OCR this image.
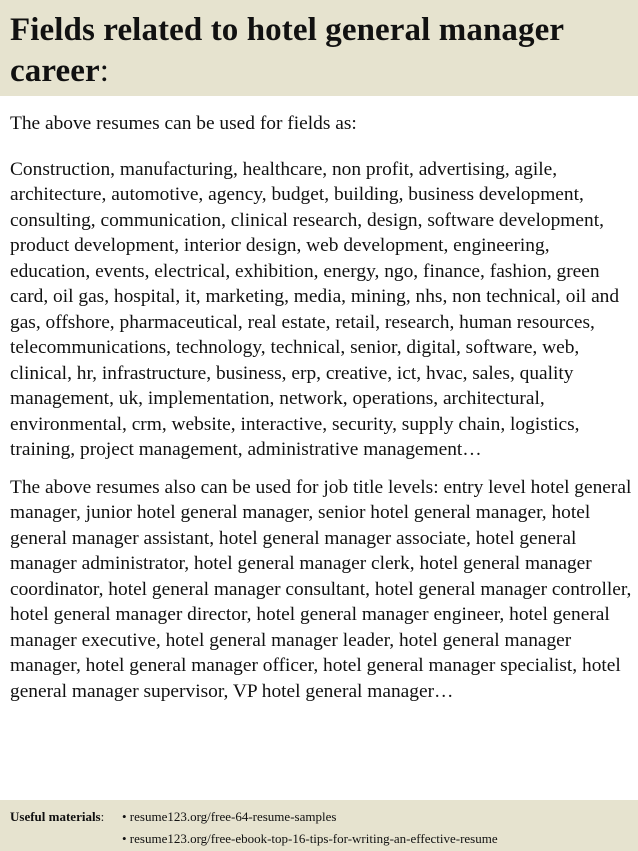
Fields related to hotel general manager career:

The above resumes can be used for fields as:

Construction, manufacturing, healthcare, non profit, advertising, agile, architecture, automotive, agency, budget, building, business development, consulting, communication, clinical research, design, software development, product development, interior design, web development, engineering, education, events, electrical, exhibition, energy, ngo, finance, fashion, green card, oil gas, hospital, it, marketing, media, mining, nhs, non technical, oil and gas, offshore, pharmaceutical, real estate, retail, research, human resources, telecommunications, technology, technical, senior, digital, software, web, clinical, hr, infrastructure, business, erp, creative, ict, hvac, sales, quality management, uk, implementation, network, operations, architectural, environmental, crm, website, interactive, security, supply chain, logistics, training, project management, administrative management…

The above resumes also can be used for job title levels: entry level hotel general manager, junior hotel general manager, senior hotel general manager, hotel general manager assistant, hotel general manager associate, hotel general manager administrator, hotel general manager clerk, hotel general manager coordinator, hotel general manager consultant, hotel general manager controller, hotel general manager director, hotel general manager engineer, hotel general manager executive, hotel general manager leader, hotel general manager manager, hotel general manager officer, hotel general manager specialist, hotel general manager supervisor, VP hotel general manager…

Useful materials:	• resume123.org/free-64-resume-samples
• resume123.org/free-ebook-top-16-tips-for-writing-an-effective-resume
